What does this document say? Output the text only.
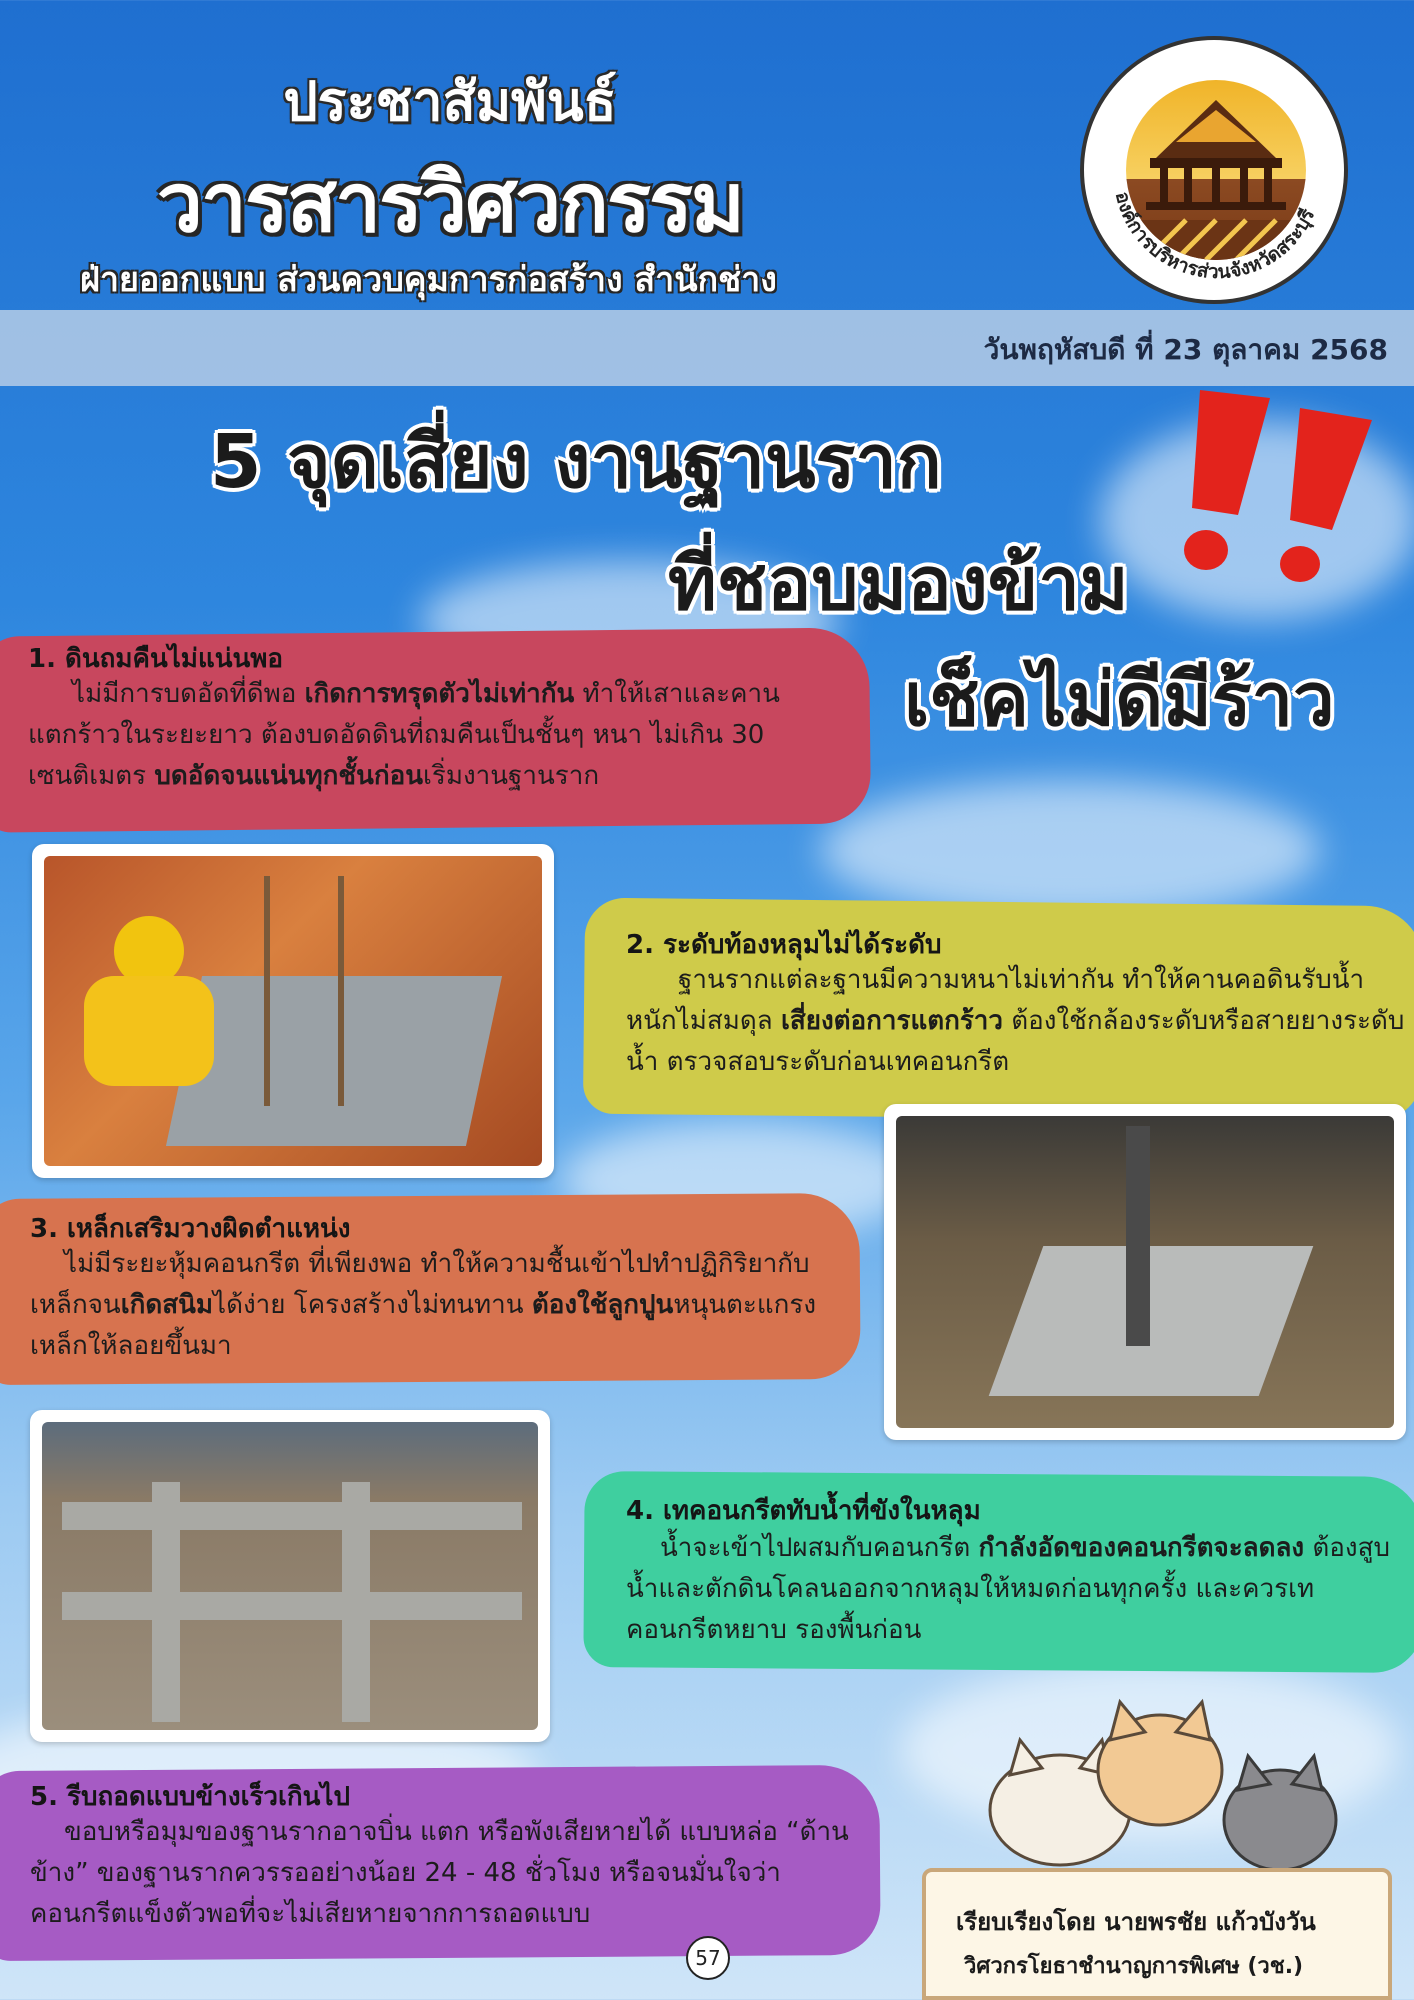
ประชาสัมพันธ์
วารสารวิศวกรรม
ฝ่ายออกแบบ ส่วนควบคุมการก่อสร้าง สำนักช่าง
องค์การบริหารส่วนจังหวัดสระบุรี
วันพฤหัสบดี ที่ 23 ตุลาคม 2568
5 จุดเสี่ยง งานฐานราก
ที่ชอบมองข้าม
เช็คไม่ดีมีร้าว
1. ดินถมคืนไม่แน่นพอ
ไม่มีการบดอัดที่ดีพอ เกิดการทรุดตัวไม่เท่ากัน ทำให้เสาและคานแตกร้าวในระยะยาว ต้องบดอัดดินที่ถมคืนเป็นชั้นๆ หนา ไม่เกิน 30 เซนติเมตร บดอัดจนแน่นทุกชั้นก่อนเริ่มงานฐานราก
2. ระดับท้องหลุมไม่ได้ระดับ
ฐานรากแต่ละฐานมีความหนาไม่เท่ากัน ทำให้คานคอดินรับน้ำหนักไม่สมดุล เสี่ยงต่อการแตกร้าว ต้องใช้กล้องระดับหรือสายยางระดับน้ำ ตรวจสอบระดับก่อนเทคอนกรีต
3. เหล็กเสริมวางผิดตำแหน่ง
ไม่มีระยะหุ้มคอนกรีต ที่เพียงพอ ทำให้ความชื้นเข้าไปทำปฏิกิริยากับเหล็กจนเกิดสนิมได้ง่าย โครงสร้างไม่ทนทาน ต้องใช้ลูกปูนหนุนตะแกรงเหล็กให้ลอยขึ้นมา
4. เทคอนกรีตทับน้ำที่ขังในหลุม
น้ำจะเข้าไปผสมกับคอนกรีต กำลังอัดของคอนกรีตจะลดลง ต้องสูบน้ำและตักดินโคลนออกจากหลุมให้หมดก่อนทุกครั้ง และควรเทคอนกรีตหยาบ รองพื้นก่อน
5. รีบถอดแบบข้างเร็วเกินไป
ขอบหรือมุมของฐานรากอาจบิ่น แตก หรือพังเสียหายได้ แบบหล่อ “ด้านข้าง” ของฐานรากควรรออย่างน้อย 24 - 48 ชั่วโมง หรือจนมั่นใจว่าคอนกรีตแข็งตัวพอที่จะไม่เสียหายจากการถอดแบบ	เรียบเรียงโดย นายพรชัย แก้วบังวัน
วิศวกรโยธาชำนาญการพิเศษ (วช.)
57
